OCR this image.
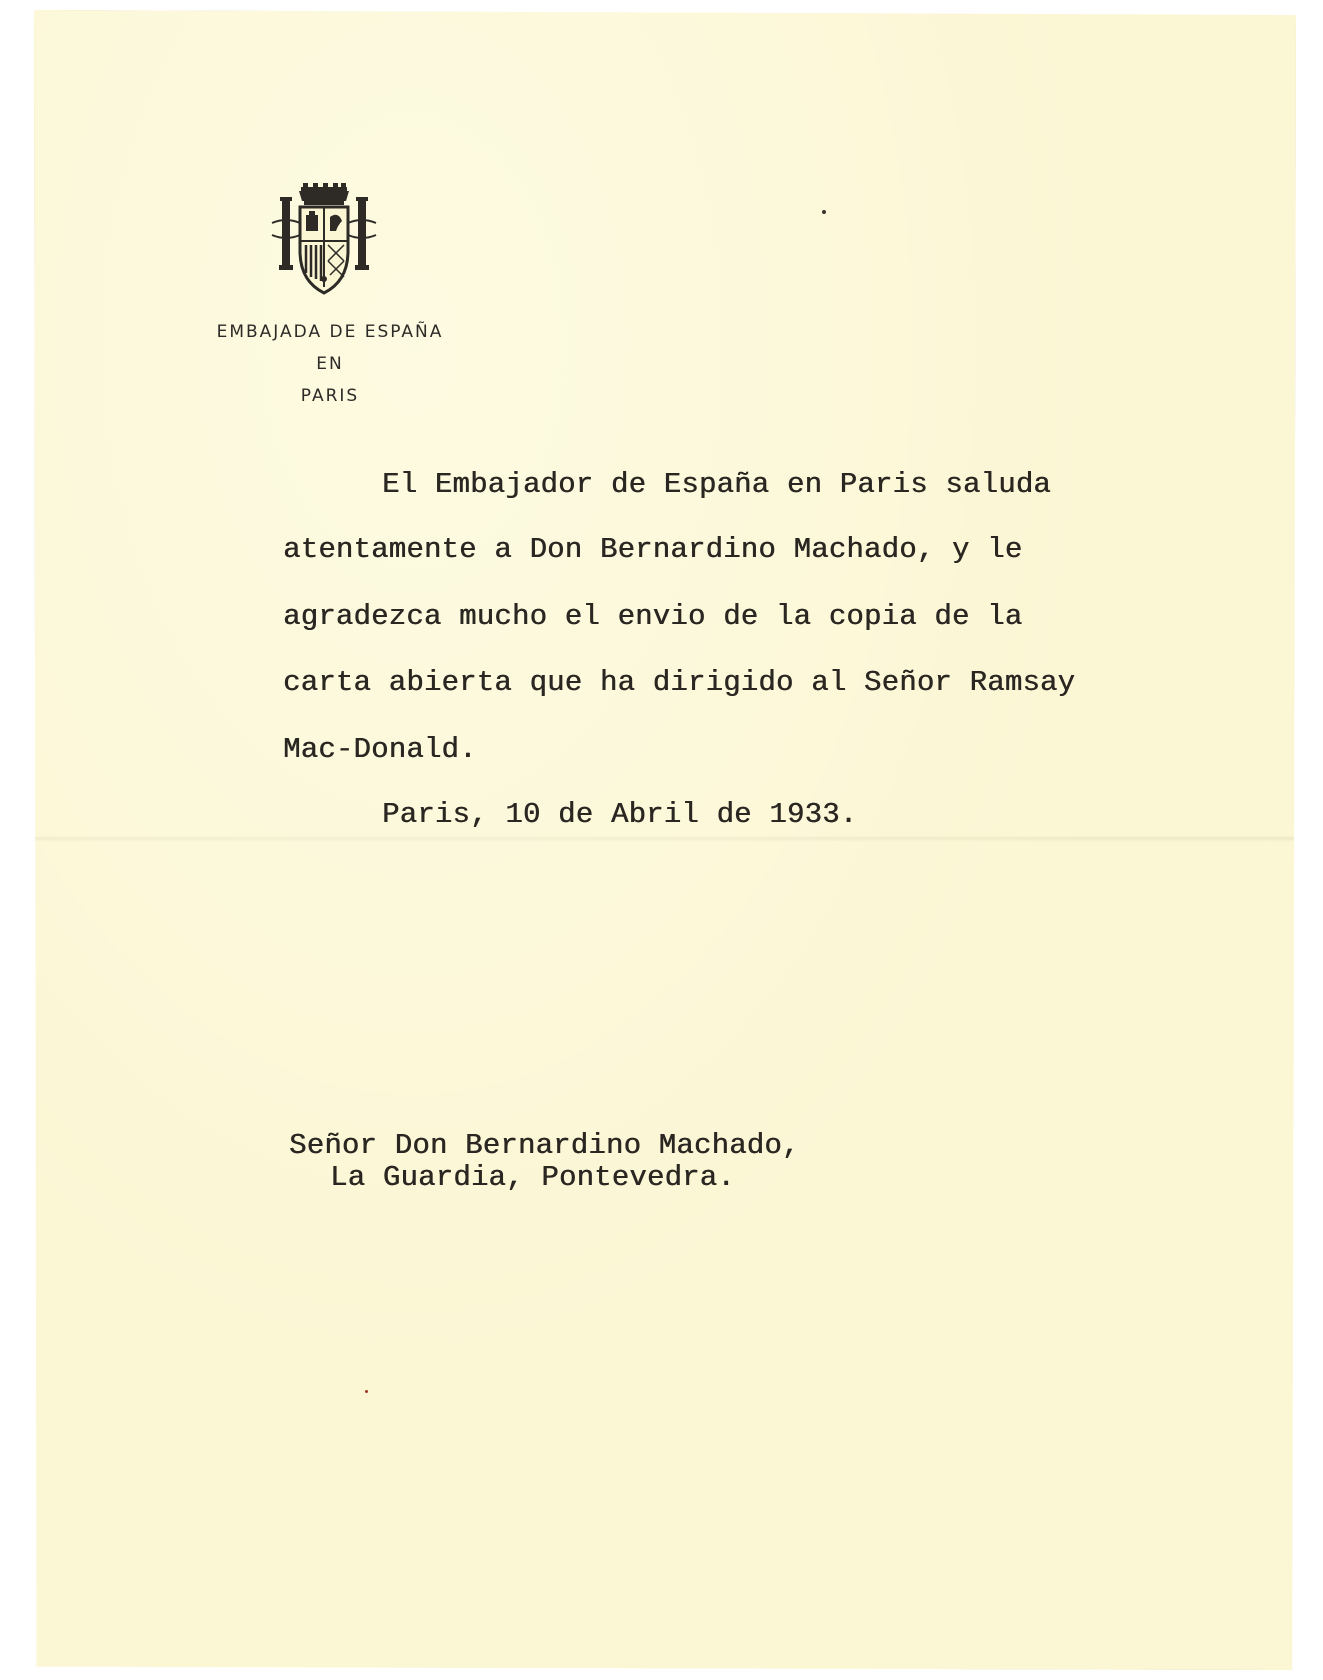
EMBAJADA DE ESPAÑA
EN
PARIS
El Embajador de España en Paris saluda
atentamente a Don Bernardino Machado, y le
agradezca mucho el envio de la copia de la
carta abierta que ha dirigido al Señor Ramsay
Mac-Donald.
Paris, 10 de Abril de 1933.
Señor Don Bernardino Machado,
La Guardia, Pontevedra.
